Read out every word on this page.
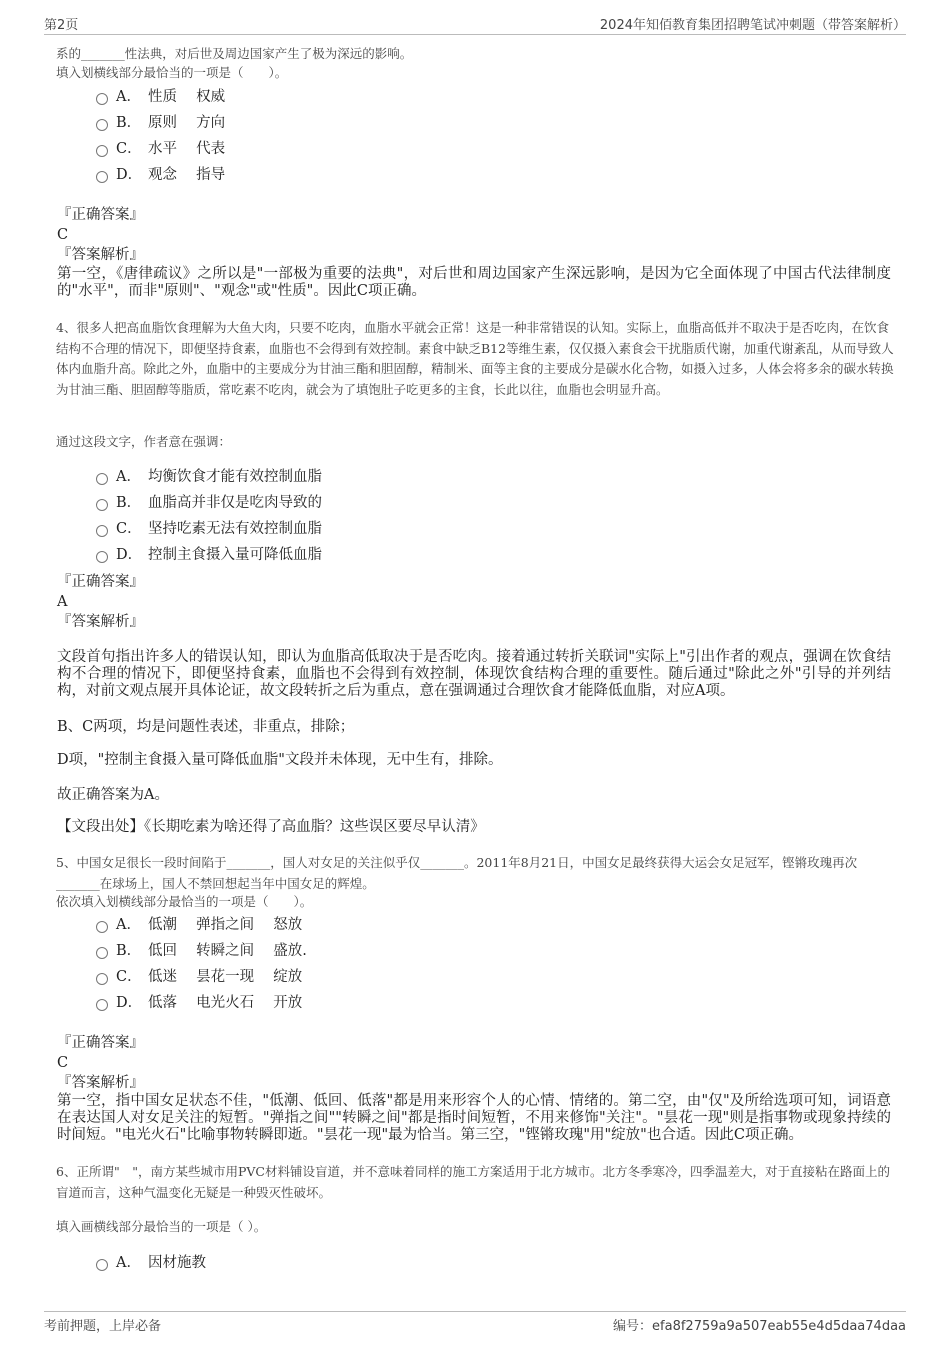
第2页	2024年知佰教育集团招聘笔试冲刺题（带答案解析）
系的_______性法典，对后世及周边国家产生了极为深远的影响。
填入划横线部分最恰当的一项是（　　）。
A． 性质　 权威
B． 原则　 方向
C． 水平　 代表
D． 观念　 指导
『正确答案』
C
『答案解析』
第一空，《唐律疏议》之所以是"一部极为重要的法典"，对后世和周边国家产生深远影响，是因为它全面体现了中国古代法律制度的"水平"，而非"原则"、"观念"或"性质"。因此C项正确。
4、很多人把高血脂饮食理解为大鱼大肉，只要不吃肉，血脂水平就会正常！这是一种非常错误的认知。实际上，血脂高低并不取决于是否吃肉，在饮食结构不合理的情况下，即便坚持食素，血脂也不会得到有效控制。素食中缺乏B12等维生素，仅仅摄入素食会干扰脂质代谢，加重代谢紊乱，从而导致人体内血脂升高。除此之外，血脂中的主要成分为甘油三酯和胆固醇，精制米、面等主食的主要成分是碳水化合物，如摄入过多，人体会将多余的碳水转换为甘油三酯、胆固醇等脂质，常吃素不吃肉，就会为了填饱肚子吃更多的主食，长此以往，血脂也会明显升高。
通过这段文字，作者意在强调：
A． 均衡饮食才能有效控制血脂
B． 血脂高并非仅是吃肉导致的
C． 坚持吃素无法有效控制血脂
D． 控制主食摄入量可降低血脂
『正确答案』
A
『答案解析』
文段首句指出许多人的错误认知，即认为血脂高低取决于是否吃肉。接着通过转折关联词"实际上"引出作者的观点，强调在饮食结构不合理的情况下，即便坚持食素，血脂也不会得到有效控制，体现饮食结构合理的重要性。随后通过"除此之外"引导的并列结构，对前文观点展开具体论证，故文段转折之后为重点，意在强调通过合理饮食才能降低血脂，对应A项。
B、C两项，均是问题性表述，非重点，排除；
D项，"控制主食摄入量可降低血脂"文段并未体现，无中生有，排除。
故正确答案为A。
【文段出处】《长期吃素为啥还得了高血脂？这些误区要尽早认清》
5、中国女足很长一段时间陷于_______，国人对女足的关注似乎仅_______。2011年8月21日，中国女足最终获得大运会女足冠军，铿锵玫瑰再次_______在球场上，国人不禁回想起当年中国女足的辉煌。
依次填入划横线部分最恰当的一项是（　　）。
A． 低潮　 弹指之间　 怒放
B． 低回　 转瞬之间　 盛放.
C． 低迷　 昙花一现　 绽放
D． 低落　 电光火石　 开放
『正确答案』
C
『答案解析』
第一空，指中国女足状态不佳，"低潮、低回、低落"都是用来形容个人的心情、情绪的。第二空，由"仅"及所给选项可知，词语意在表达国人对女足关注的短暂。"弹指之间""转瞬之间"都是指时间短暂，不用来修饰"关注"。"昙花一现"则是指事物或现象持续的时间短。"电光火石"比喻事物转瞬即逝。"昙花一现"最为恰当。第三空，"铿锵玫瑰"用"绽放"也合适。因此C项正确。
6、正所谓"　"，南方某些城市用PVC材料铺设盲道，并不意味着同样的施工方案适用于北方城市。北方冬季寒冷，四季温差大，对于直接粘在路面上的盲道而言，这种气温变化无疑是一种毁灭性破坏。
填入画横线部分最恰当的一项是（ ）。
A． 因材施教
考前押题，上岸必备	编号：efa8f2759a9a507eab55e4d5daa74daa
